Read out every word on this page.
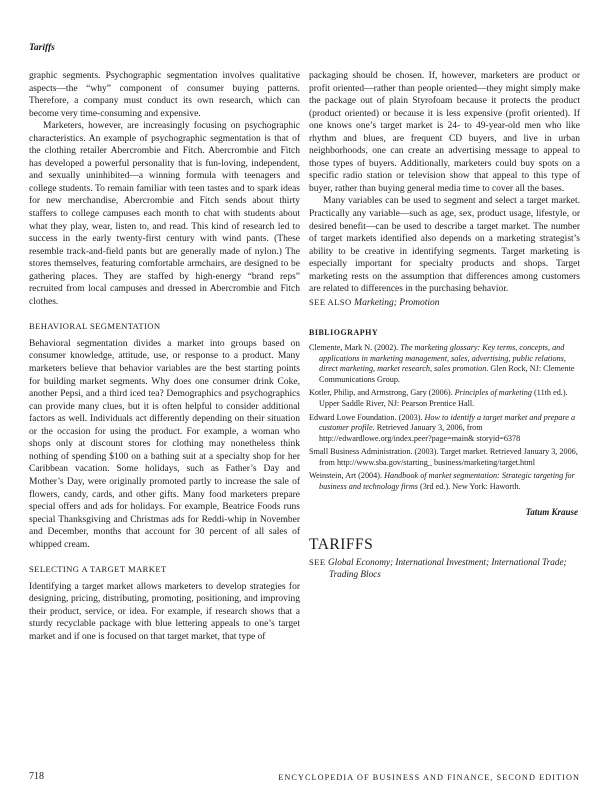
Tariffs

graphic segments. Psychographic segmentation involves qualitative aspects—the “why” component of consumer buying patterns. Therefore, a company must conduct its own research, which can become very time-consuming and expensive.

Marketers, however, are increasingly focusing on psychographic characteristics. An example of psychographic segmentation is that of the clothing retailer Abercrombie and Fitch. Abercrombie and Fitch has developed a powerful personality that is fun-loving, independent, and sexually uninhibited—a winning formula with teenagers and college students. To remain familiar with teen tastes and to spark ideas for new merchandise, Abercrombie and Fitch sends about thirty staffers to college campuses each month to chat with students about what they play, wear, listen to, and read. This kind of research led to success in the early twenty-first century with wind pants. (These resemble track-and-field pants but are generally made of nylon.) The stores themselves, featuring comfortable armchairs, are designed to be gathering places. They are staffed by high-energy “brand reps” recruited from local campuses and dressed in Abercrombie and Fitch clothes.

BEHAVIORAL SEGMENTATION

Behavioral segmentation divides a market into groups based on consumer knowledge, attitude, use, or response to a product. Many marketers believe that behavior variables are the best starting points for building market segments. Why does one consumer drink Coke, another Pepsi, and a third iced tea? Demographics and psychographics can provide many clues, but it is often helpful to consider additional factors as well. Individuals act differently depending on their situation or the occasion for using the product. For example, a woman who shops only at discount stores for clothing may nonetheless think nothing of spending $100 on a bathing suit at a specialty shop for her Caribbean vacation. Some holidays, such as Father’s Day and Mother’s Day, were originally promoted partly to increase the sale of flowers, candy, cards, and other gifts. Many food marketers prepare special offers and ads for holidays. For example, Beatrice Foods runs special Thanksgiving and Christmas ads for Reddi-whip in November and December, months that account for 30 percent of all sales of whipped cream.

SELECTING A TARGET MARKET

Identifying a target market allows marketers to develop strategies for designing, pricing, distributing, promoting, positioning, and improving their product, service, or idea. For example, if research shows that a sturdy recyclable package with blue lettering appeals to one’s target market and if one is focused on that target market, that type of

packaging should be chosen. If, however, marketers are product or profit oriented—rather than people oriented—they might simply make the package out of plain Styrofoam because it protects the product (product oriented) or because it is less expensive (profit oriented). If one knows one’s target market is 24- to 49-year-old men who like rhythm and blues, are frequent CD buyers, and live in urban neighborhoods, one can create an advertising message to appeal to those types of buyers. Additionally, marketers could buy spots on a specific radio station or television show that appeal to this type of buyer, rather than buying general media time to cover all the bases.

Many variables can be used to segment and select a target market. Practically any variable—such as age, sex, product usage, lifestyle, or desired benefit—can be used to describe a target market. The number of target markets identified also depends on a marketing strategist’s ability to be creative in identifying segments. Target marketing is especially important for specialty products and shops. Target marketing rests on the assumption that differences among customers are related to differences in the purchasing behavior.

SEE ALSO Marketing; Promotion

BIBLIOGRAPHY
Clemente, Mark N. (2002). The marketing glossary: Key terms, concepts, and applications in marketing management, sales, advertising, public relations, direct marketing, market research, sales promotion. Glen Rock, NJ: Clemente Communications Group.
Kotler, Philip, and Armstrong, Gary (2006). Principles of marketing (11th ed.). Upper Saddle River, NJ: Pearson Prentice Hall.
Edward Lowe Foundation. (2003). How to identify a target market and prepare a customer profile. Retrieved January 3, 2006, from http://edwardlowe.org/index.peer?page=main& storyid=6378
Small Business Administration. (2003). Target market. Retrieved January 3, 2006, from http://www.sba.gov/starting_ business/marketing/target.html
Weinstein, Art (2004). Handbook of market segmentation: Strategic targeting for business and technology firms (3rd ed.). New York: Haworth.
Tatum Krause
TARIFFS
SEE Global Economy; International Investment; International Trade; Trading Blocs
718	ENCYCLOPEDIA OF BUSINESS AND FINANCE, SECOND EDITION
